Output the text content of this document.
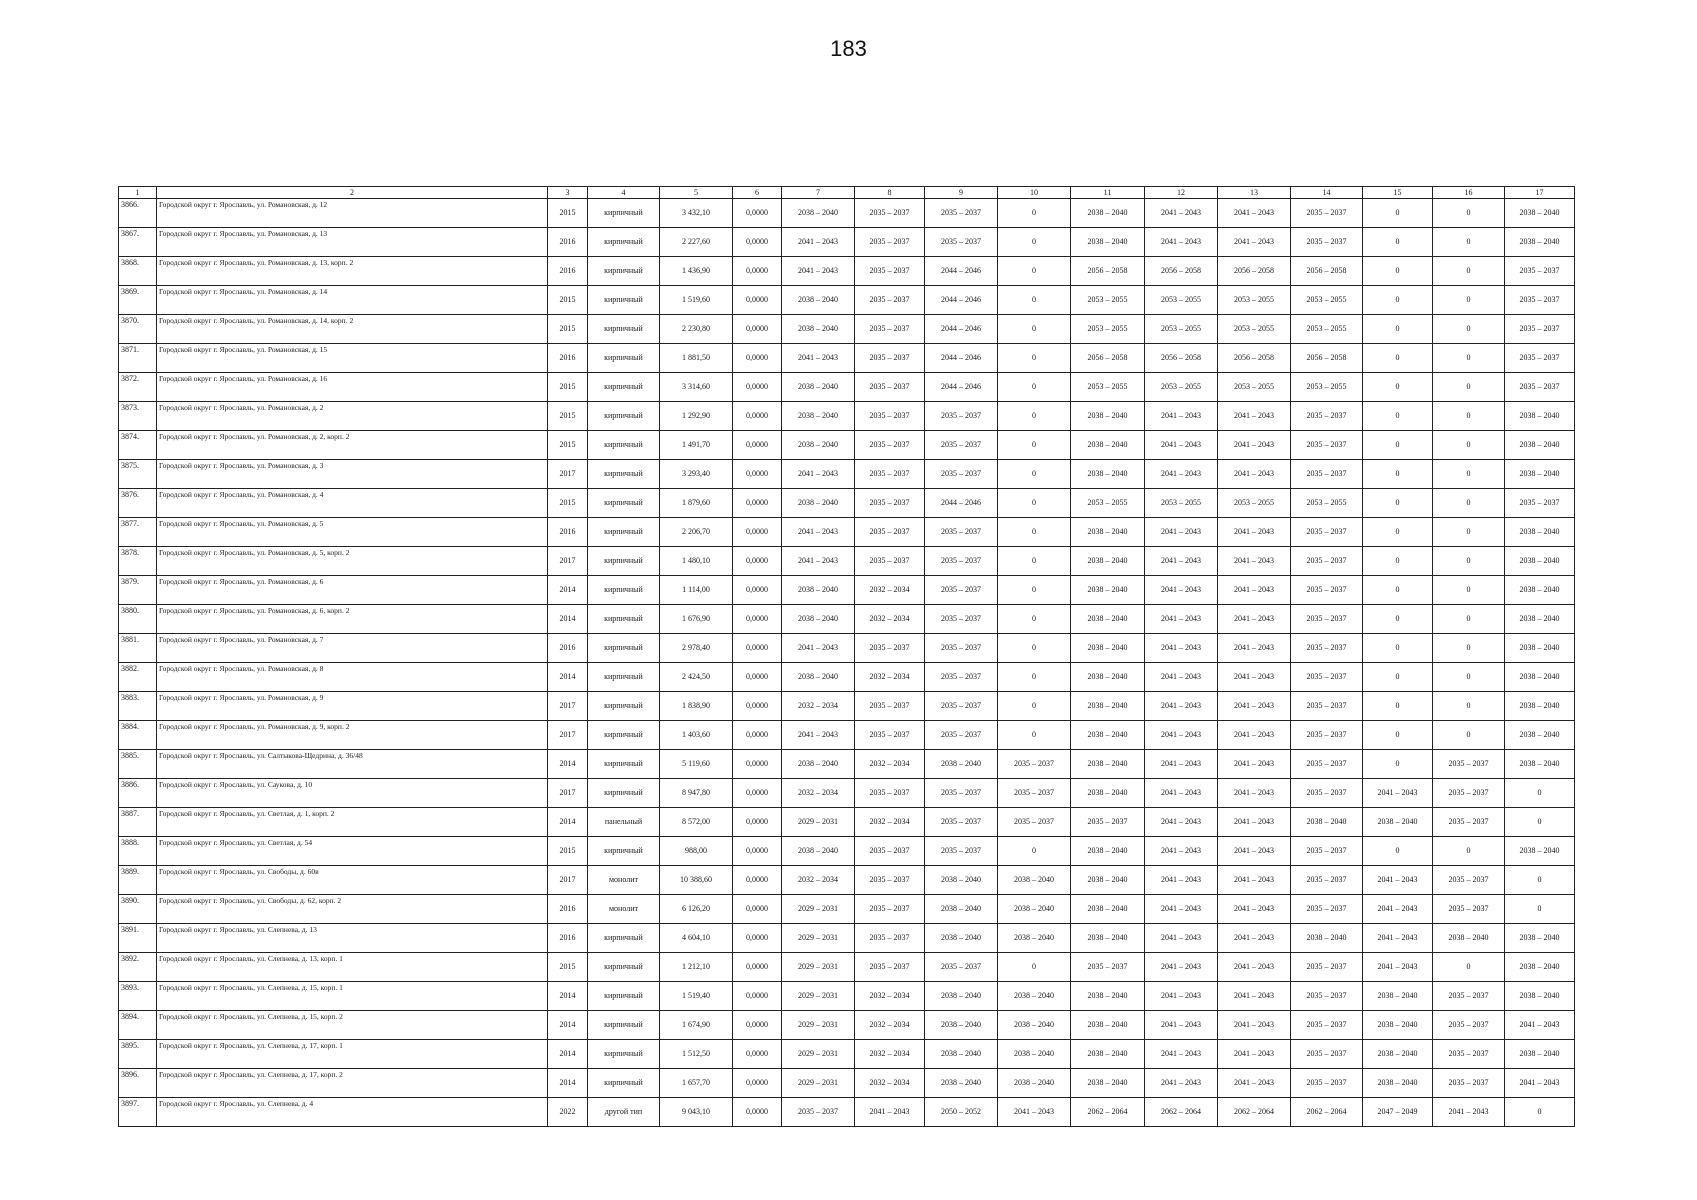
183
1	2	3	4	5	6	7	8	9	10	11	12	13	14	15	16	17
3866.	Городской округ г. Ярославль, ул. Романовская, д. 12	2015	кирпичный	3 432,10	0,0000	2038 – 2040	2035 – 2037	2035 – 2037	0	2038 – 2040	2041 – 2043	2041 – 2043	2035 – 2037	0	0	2038 – 2040
3867.	Городской округ г. Ярославль, ул. Романовская, д. 13	2016	кирпичный	2 227,60	0,0000	2041 – 2043	2035 – 2037	2035 – 2037	0	2038 – 2040	2041 – 2043	2041 – 2043	2035 – 2037	0	0	2038 – 2040
3868.	Городской округ г. Ярославль, ул. Романовская, д. 13, корп. 2	2016	кирпичный	1 436,90	0,0000	2041 – 2043	2035 – 2037	2044 – 2046	0	2056 – 2058	2056 – 2058	2056 – 2058	2056 – 2058	0	0	2035 – 2037
3869.	Городской округ г. Ярославль, ул. Романовская, д. 14	2015	кирпичный	1 519,60	0,0000	2038 – 2040	2035 – 2037	2044 – 2046	0	2053 – 2055	2053 – 2055	2053 – 2055	2053 – 2055	0	0	2035 – 2037
3870.	Городской округ г. Ярославль, ул. Романовская, д. 14, корп. 2	2015	кирпичный	2 230,80	0,0000	2038 – 2040	2035 – 2037	2044 – 2046	0	2053 – 2055	2053 – 2055	2053 – 2055	2053 – 2055	0	0	2035 – 2037
3871.	Городской округ г. Ярославль, ул. Романовская, д. 15	2016	кирпичный	1 881,50	0,0000	2041 – 2043	2035 – 2037	2044 – 2046	0	2056 – 2058	2056 – 2058	2056 – 2058	2056 – 2058	0	0	2035 – 2037
3872.	Городской округ г. Ярославль, ул. Романовская, д. 16	2015	кирпичный	3 314,60	0,0000	2038 – 2040	2035 – 2037	2044 – 2046	0	2053 – 2055	2053 – 2055	2053 – 2055	2053 – 2055	0	0	2035 – 2037
3873.	Городской округ г. Ярославль, ул. Романовская, д. 2	2015	кирпичный	1 292,90	0,0000	2038 – 2040	2035 – 2037	2035 – 2037	0	2038 – 2040	2041 – 2043	2041 – 2043	2035 – 2037	0	0	2038 – 2040
3874.	Городской округ г. Ярославль, ул. Романовская, д. 2, корп. 2	2015	кирпичный	1 491,70	0,0000	2038 – 2040	2035 – 2037	2035 – 2037	0	2038 – 2040	2041 – 2043	2041 – 2043	2035 – 2037	0	0	2038 – 2040
3875.	Городской округ г. Ярославль, ул. Романовская, д. 3	2017	кирпичный	3 293,40	0,0000	2041 – 2043	2035 – 2037	2035 – 2037	0	2038 – 2040	2041 – 2043	2041 – 2043	2035 – 2037	0	0	2038 – 2040
3876.	Городской округ г. Ярославль, ул. Романовская, д. 4	2015	кирпичный	1 879,60	0,0000	2038 – 2040	2035 – 2037	2044 – 2046	0	2053 – 2055	2053 – 2055	2053 – 2055	2053 – 2055	0	0	2035 – 2037
3877.	Городской округ г. Ярославль, ул. Романовская, д. 5	2016	кирпичный	2 206,70	0,0000	2041 – 2043	2035 – 2037	2035 – 2037	0	2038 – 2040	2041 – 2043	2041 – 2043	2035 – 2037	0	0	2038 – 2040
3878.	Городской округ г. Ярославль, ул. Романовская, д. 5, корп. 2	2017	кирпичный	1 480,10	0,0000	2041 – 2043	2035 – 2037	2035 – 2037	0	2038 – 2040	2041 – 2043	2041 – 2043	2035 – 2037	0	0	2038 – 2040
3879.	Городской округ г. Ярославль, ул. Романовская, д. 6	2014	кирпичный	1 114,00	0,0000	2038 – 2040	2032 – 2034	2035 – 2037	0	2038 – 2040	2041 – 2043	2041 – 2043	2035 – 2037	0	0	2038 – 2040
3880.	Городской округ г. Ярославль, ул. Романовская, д. 6, корп. 2	2014	кирпичный	1 676,90	0,0000	2038 – 2040	2032 – 2034	2035 – 2037	0	2038 – 2040	2041 – 2043	2041 – 2043	2035 – 2037	0	0	2038 – 2040
3881.	Городской округ г. Ярославль, ул. Романовская, д. 7	2016	кирпичный	2 978,40	0,0000	2041 – 2043	2035 – 2037	2035 – 2037	0	2038 – 2040	2041 – 2043	2041 – 2043	2035 – 2037	0	0	2038 – 2040
3882.	Городской округ г. Ярославль, ул. Романовская, д. 8	2014	кирпичный	2 424,50	0,0000	2038 – 2040	2032 – 2034	2035 – 2037	0	2038 – 2040	2041 – 2043	2041 – 2043	2035 – 2037	0	0	2038 – 2040
3883.	Городской округ г. Ярославль, ул. Романовская, д. 9	2017	кирпичный	1 838,90	0,0000	2032 – 2034	2035 – 2037	2035 – 2037	0	2038 – 2040	2041 – 2043	2041 – 2043	2035 – 2037	0	0	2038 – 2040
3884.	Городской округ г. Ярославль, ул. Романовская, д. 9, корп. 2	2017	кирпичный	1 403,60	0,0000	2041 – 2043	2035 – 2037	2035 – 2037	0	2038 – 2040	2041 – 2043	2041 – 2043	2035 – 2037	0	0	2038 – 2040
3885.	Городской округ г. Ярославль, ул. Салтыкова-Щедрина, д. 36/48	2014	кирпичный	5 119,60	0,0000	2038 – 2040	2032 – 2034	2038 – 2040	2035 – 2037	2038 – 2040	2041 – 2043	2041 – 2043	2035 – 2037	0	2035 – 2037	2038 – 2040
3886.	Городской округ г. Ярославль, ул. Саукова, д. 10	2017	кирпичный	8 947,80	0,0000	2032 – 2034	2035 – 2037	2035 – 2037	2035 – 2037	2038 – 2040	2041 – 2043	2041 – 2043	2035 – 2037	2041 – 2043	2035 – 2037	0
3887.	Городской округ г. Ярославль, ул. Светлая, д. 1, корп. 2	2014	панельный	8 572,00	0,0000	2029 – 2031	2032 – 2034	2035 – 2037	2035 – 2037	2035 – 2037	2041 – 2043	2041 – 2043	2038 – 2040	2038 – 2040	2035 – 2037	0
3888.	Городской округ г. Ярославль, ул. Светлая, д. 54	2015	кирпичный	988,00	0,0000	2038 – 2040	2035 – 2037	2035 – 2037	0	2038 – 2040	2041 – 2043	2041 – 2043	2035 – 2037	0	0	2038 – 2040
3889.	Городской округ г. Ярославль, ул. Свободы, д. 60в	2017	монолит	10 388,60	0,0000	2032 – 2034	2035 – 2037	2038 – 2040	2038 – 2040	2038 – 2040	2041 – 2043	2041 – 2043	2035 – 2037	2041 – 2043	2035 – 2037	0
3890.	Городской округ г. Ярославль, ул. Свободы, д. 62, корп. 2	2016	монолит	6 126,20	0,0000	2029 – 2031	2035 – 2037	2038 – 2040	2038 – 2040	2038 – 2040	2041 – 2043	2041 – 2043	2035 – 2037	2041 – 2043	2035 – 2037	0
3891.	Городской округ г. Ярославль, ул. Слепнева, д. 13	2016	кирпичный	4 604,10	0,0000	2029 – 2031	2035 – 2037	2038 – 2040	2038 – 2040	2038 – 2040	2041 – 2043	2041 – 2043	2038 – 2040	2041 – 2043	2038 – 2040	2038 – 2040
3892.	Городской округ г. Ярославль, ул. Слепнева, д. 13, корп. 1	2015	кирпичный	1 212,10	0,0000	2029 – 2031	2035 – 2037	2035 – 2037	0	2035 – 2037	2041 – 2043	2041 – 2043	2035 – 2037	2041 – 2043	0	2038 – 2040
3893.	Городской округ г. Ярославль, ул. Слепнева, д. 15, корп. 1	2014	кирпичный	1 519,40	0,0000	2029 – 2031	2032 – 2034	2038 – 2040	2038 – 2040	2038 – 2040	2041 – 2043	2041 – 2043	2035 – 2037	2038 – 2040	2035 – 2037	2038 – 2040
3894.	Городской округ г. Ярославль, ул. Слепнева, д. 15, корп. 2	2014	кирпичный	1 674,90	0,0000	2029 – 2031	2032 – 2034	2038 – 2040	2038 – 2040	2038 – 2040	2041 – 2043	2041 – 2043	2035 – 2037	2038 – 2040	2035 – 2037	2041 – 2043
3895.	Городской округ г. Ярославль, ул. Слепнева, д. 17, корп. 1	2014	кирпичный	1 512,50	0,0000	2029 – 2031	2032 – 2034	2038 – 2040	2038 – 2040	2038 – 2040	2041 – 2043	2041 – 2043	2035 – 2037	2038 – 2040	2035 – 2037	2038 – 2040
3896.	Городской округ г. Ярославль, ул. Слепнева, д. 17, корп. 2	2014	кирпичный	1 657,70	0,0000	2029 – 2031	2032 – 2034	2038 – 2040	2038 – 2040	2038 – 2040	2041 – 2043	2041 – 2043	2035 – 2037	2038 – 2040	2035 – 2037	2041 – 2043
3897.	Городской округ г. Ярославль, ул. Слепнева, д. 4	2022	другой тип	9 043,10	0,0000	2035 – 2037	2041 – 2043	2050 – 2052	2041 – 2043	2062 – 2064	2062 – 2064	2062 – 2064	2062 – 2064	2047 – 2049	2041 – 2043	0
